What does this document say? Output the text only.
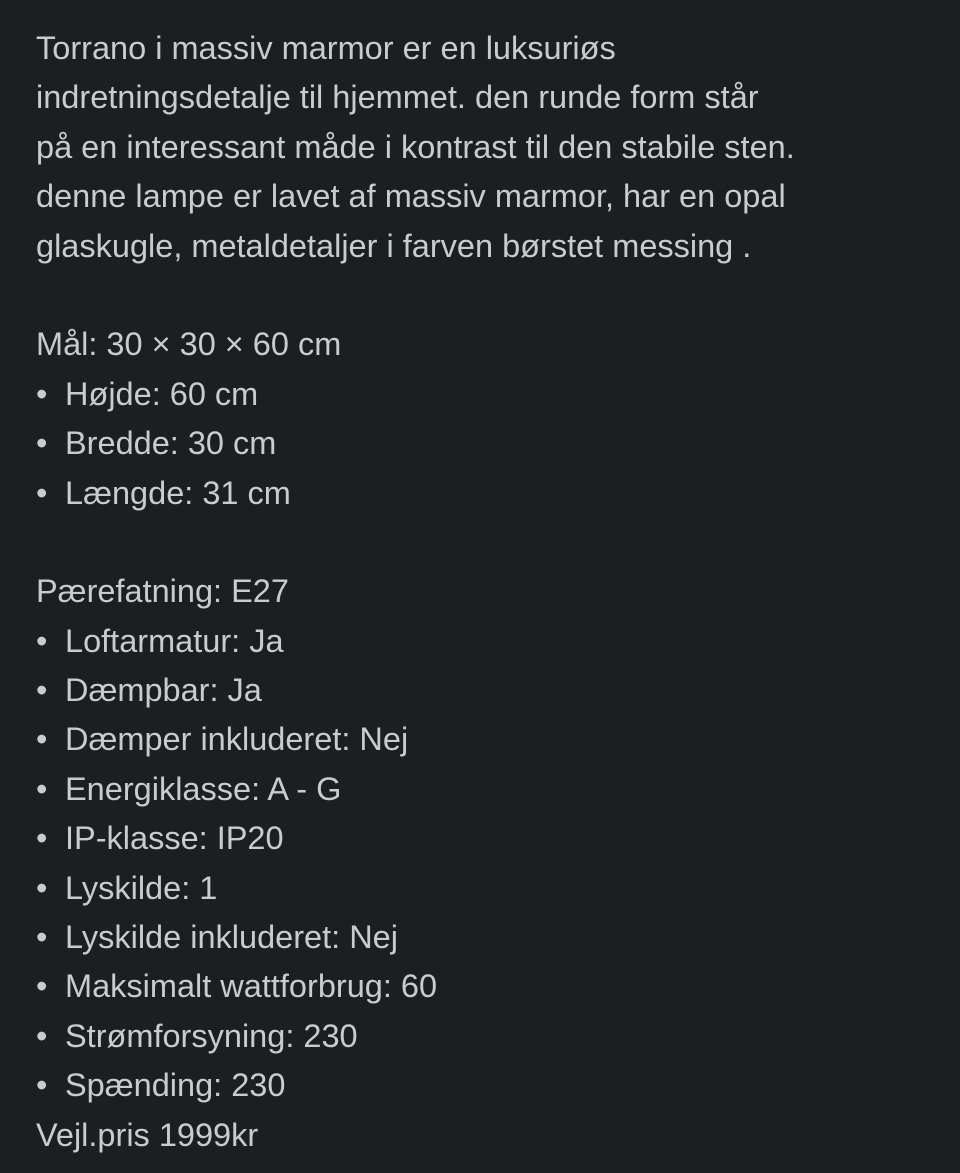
Torrano i massiv marmor er en luksuriøs
indretningsdetalje til hjemmet. den runde form står
på en interessant måde i kontrast til den stabile sten.
denne lampe er lavet af massiv marmor, har en opal
glaskugle, metaldetaljer i farven børstet messing .
Mål: 30 × 30 × 60 cm
• Højde: 60 cm
• Bredde: 30 cm
• Længde: 31 cm
Pærefatning: E27
• Loftarmatur: Ja
• Dæmpbar: Ja
• Dæmper inkluderet: Nej
• Energiklasse: A - G
• IP-klasse: IP20
• Lyskilde: 1
• Lyskilde inkluderet: Nej
• Maksimalt wattforbrug: 60
• Strømforsyning: 230
• Spænding: 230
Vejl.pris 1999kr
